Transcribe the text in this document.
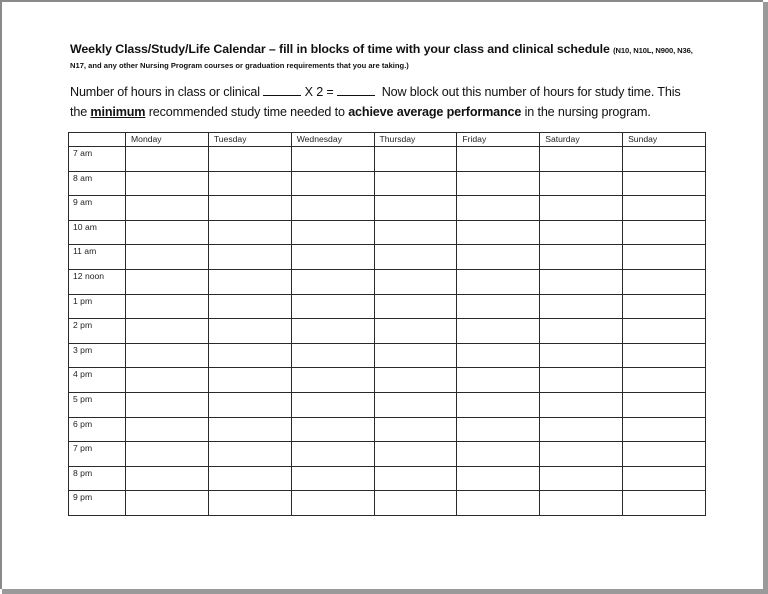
Weekly Class/Study/Life Calendar – fill in blocks of time with your class and clinical schedule (N10, N10L, N900, N36,
N17, and any other Nursing Program courses or graduation requirements that you are taking.)
Number of hours in class or clinical	X 2 =	Now block out this number of hours for study time. This
the minimum recommended study time needed to achieve average performance in the nursing program.
	Monday	Tuesday	Wednesday	Thursday	Friday	Saturday	Sunday
7 am							
8 am							
9 am							
10 am							
11 am							
12 noon							
1 pm							
2 pm							
3 pm							
4 pm							
5 pm							
6 pm							
7 pm							
8 pm							
9 pm							
